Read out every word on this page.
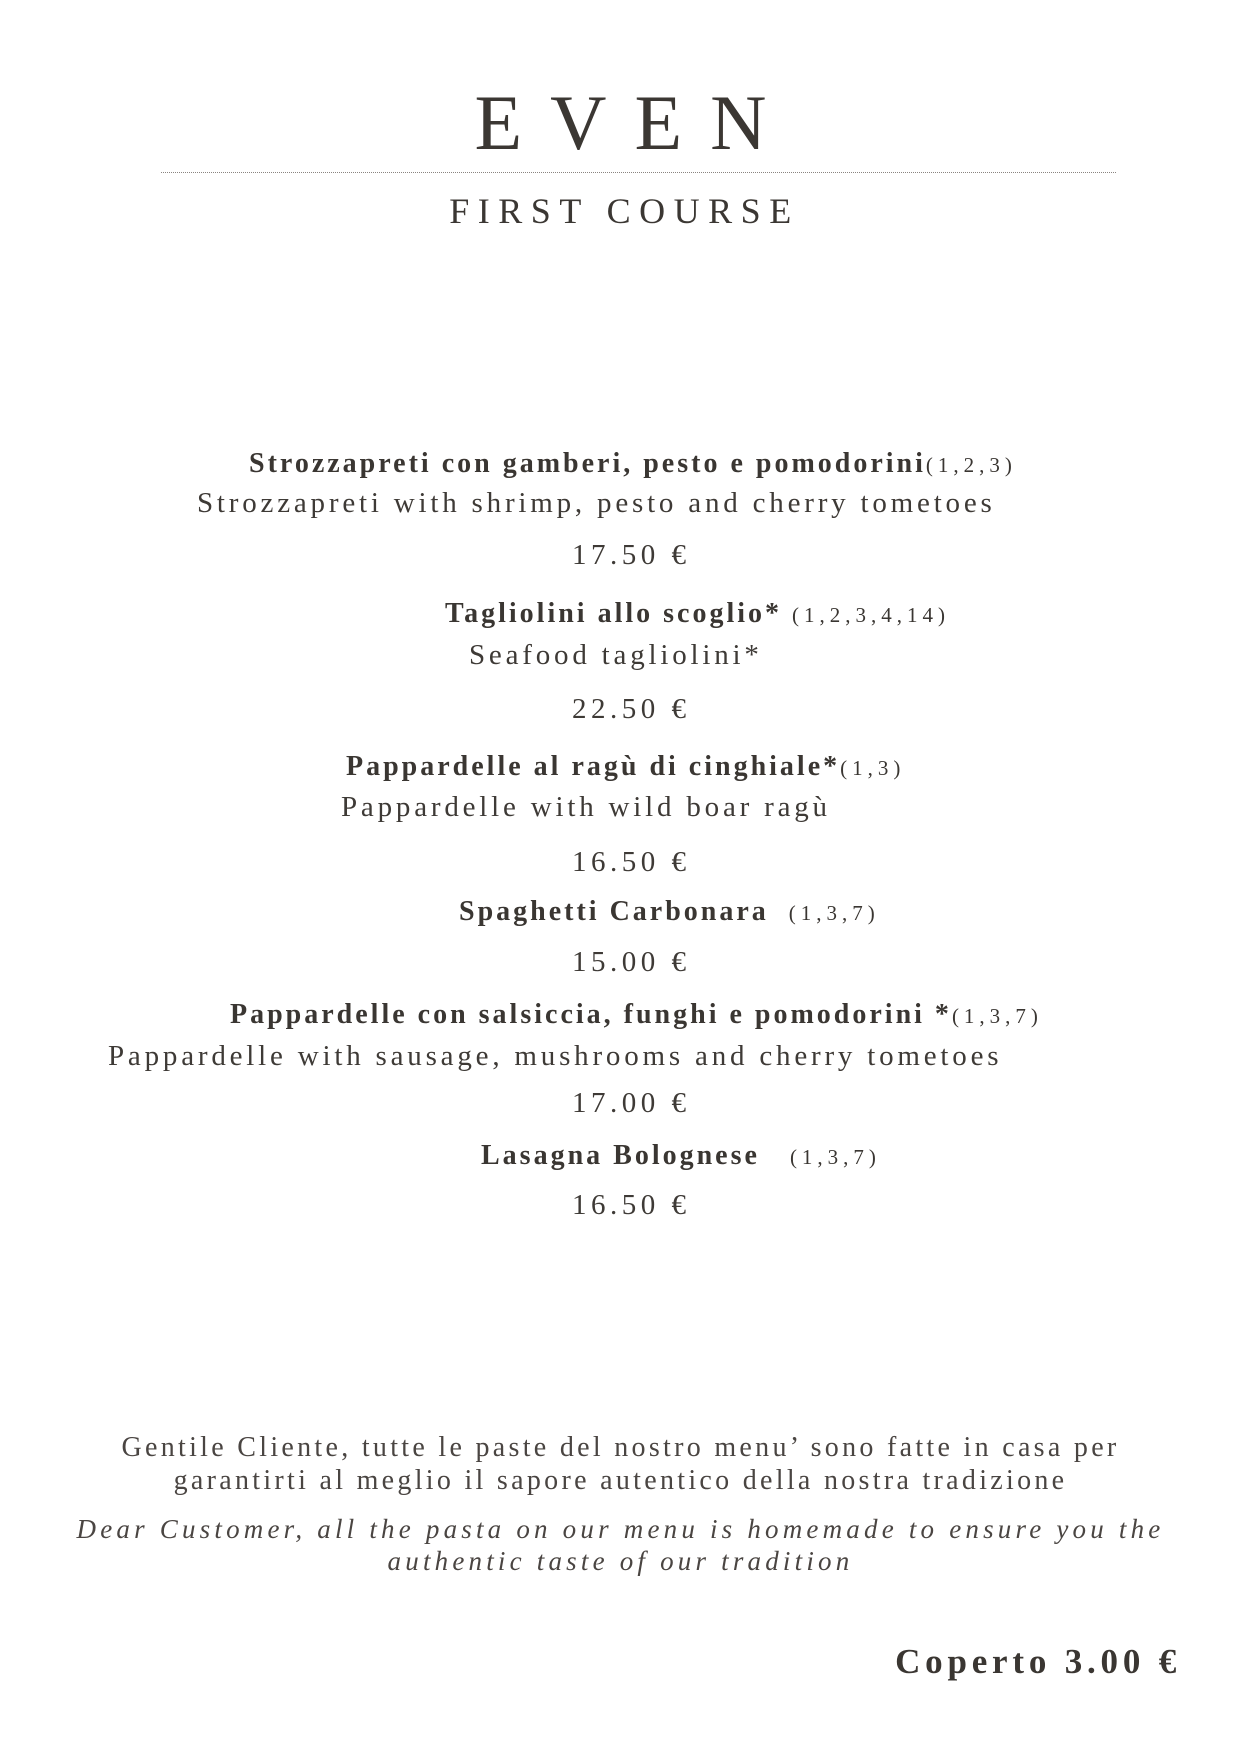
EVEN
FIRST COURSE
Strozzapreti con gamberi, pesto e pomodorini(1,2,3)
Strozzapreti with shrimp, pesto and cherry tometoes
17.50 €
Tagliolini allo scoglio* (1,2,3,4,14)
Seafood tagliolini*
22.50 €
Pappardelle al ragù di cinghiale*(1,3)
Pappardelle with wild boar ragù
16.50 €
Spaghetti Carbonara (1,3,7)
15.00 €
Pappardelle con salsiccia, funghi e pomodorini *(1,3,7)
Pappardelle with sausage, mushrooms and cherry tometoes
17.00 €
Lasagna Bolognese (1,3,7)
16.50 €
Gentile Cliente, tutte le paste del nostro menu’ sono fatte in casa per
garantirti al meglio il sapore autentico della nostra tradizione
Dear Customer, all the pasta on our menu is homemade to ensure you the
authentic taste of our tradition
Coperto 3.00 €
